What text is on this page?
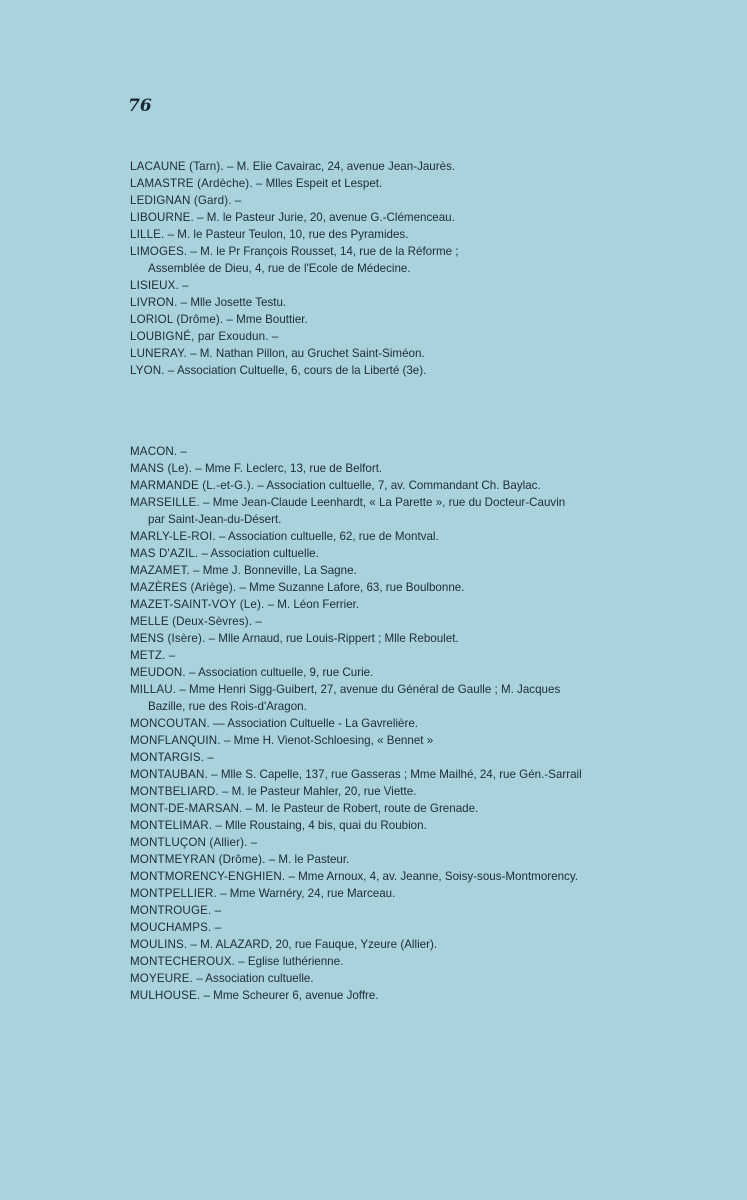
76

LACAUNE (Tarn). – M. Elie Cavairac, 24, avenue Jean-Jaurès.

LAMASTRE (Ardèche). – Mlles Espeit et Lespet.

LEDIGNAN (Gard). –

LIBOURNE. – M. le Pasteur Jurie, 20, avenue G.-Clémenceau.

LILLE. – M. le Pasteur Teulon, 10, rue des Pyramides.

LIMOGES. – M. le Pr François Rousset, 14, rue de la Réforme ;
Assemblée de Dieu, 4, rue de l'Ecole de Médecine.

LISIEUX. –

LIVRON. – Mlle Josette Testu.

LORIOL (Drôme). – Mme Bouttier.

LOUBIGNÉ, par Exoudun. –

LUNERAY. – M. Nathan Pillon, au Gruchet Saint-Siméon.

LYON. – Association Cultuelle, 6, cours de la Liberté (3e).

MACON. –

MANS (Le). – Mme F. Leclerc, 13, rue de Belfort.

MARMANDE (L.-et-G.). – Association cultuelle, 7, av. Commandant Ch. Baylac.

MARSEILLE. – Mme Jean-Claude Leenhardt, « La Parette », rue du Docteur-Cauvin
par Saint-Jean-du-Désert.

MARLY-LE-ROI. – Association cultuelle, 62, rue de Montval.

MAS D'AZIL. – Association cultuelle.

MAZAMET. – Mme J. Bonneville, La Sagne.

MAZÈRES (Ariège). – Mme Suzanne Lafore, 63, rue Boulbonne.

MAZET-SAINT-VOY (Le). – M. Léon Ferrier.

MELLE (Deux-Sèvres). –

MENS (Isère). – Mlle Arnaud, rue Louis-Rippert ; Mlle Reboulet.

METZ. –

MEUDON. – Association cultuelle, 9, rue Curie.

MILLAU. – Mme Henri Sigg-Guibert, 27, avenue du Général de Gaulle ; M. Jacques
Bazille, rue des Rois-d'Aragon.

MONCOUTAN. — Association Cultuelle - La Gavrelière.

MONFLANQUIN. – Mme H. Vienot-Schloesing, « Bennet »

MONTARGIS. –

MONTAUBAN. – Mlle S. Capelle, 137, rue Gasseras ; Mme Mailhé, 24, rue Gén.-Sarrail

MONTBELIARD. – M. le Pasteur Mahler, 20, rue Viette.

MONT-DE-MARSAN. – M. le Pasteur de Robert, route de Grenade.

MONTELIMAR. – Mlle Roustaing, 4 bis, quai du Roubion.

MONTLUÇON (Allier). –

MONTMEYRAN (Drôme). – M. le Pasteur.

MONTMORENCY-ENGHIEN. – Mme Arnoux, 4, av. Jeanne, Soisy-sous-Montmorency.

MONTPELLIER. – Mme Warnéry, 24, rue Marceau.

MONTROUGE. –

MOUCHAMPS. –

MOULINS. – M. ALAZARD, 20, rue Fauque, Yzeure (Allier).

MONTECHEROUX. – Eglise luthérienne.

MOYEURE. – Association cultuelle.

MULHOUSE. – Mme Scheurer 6, avenue Joffre.
